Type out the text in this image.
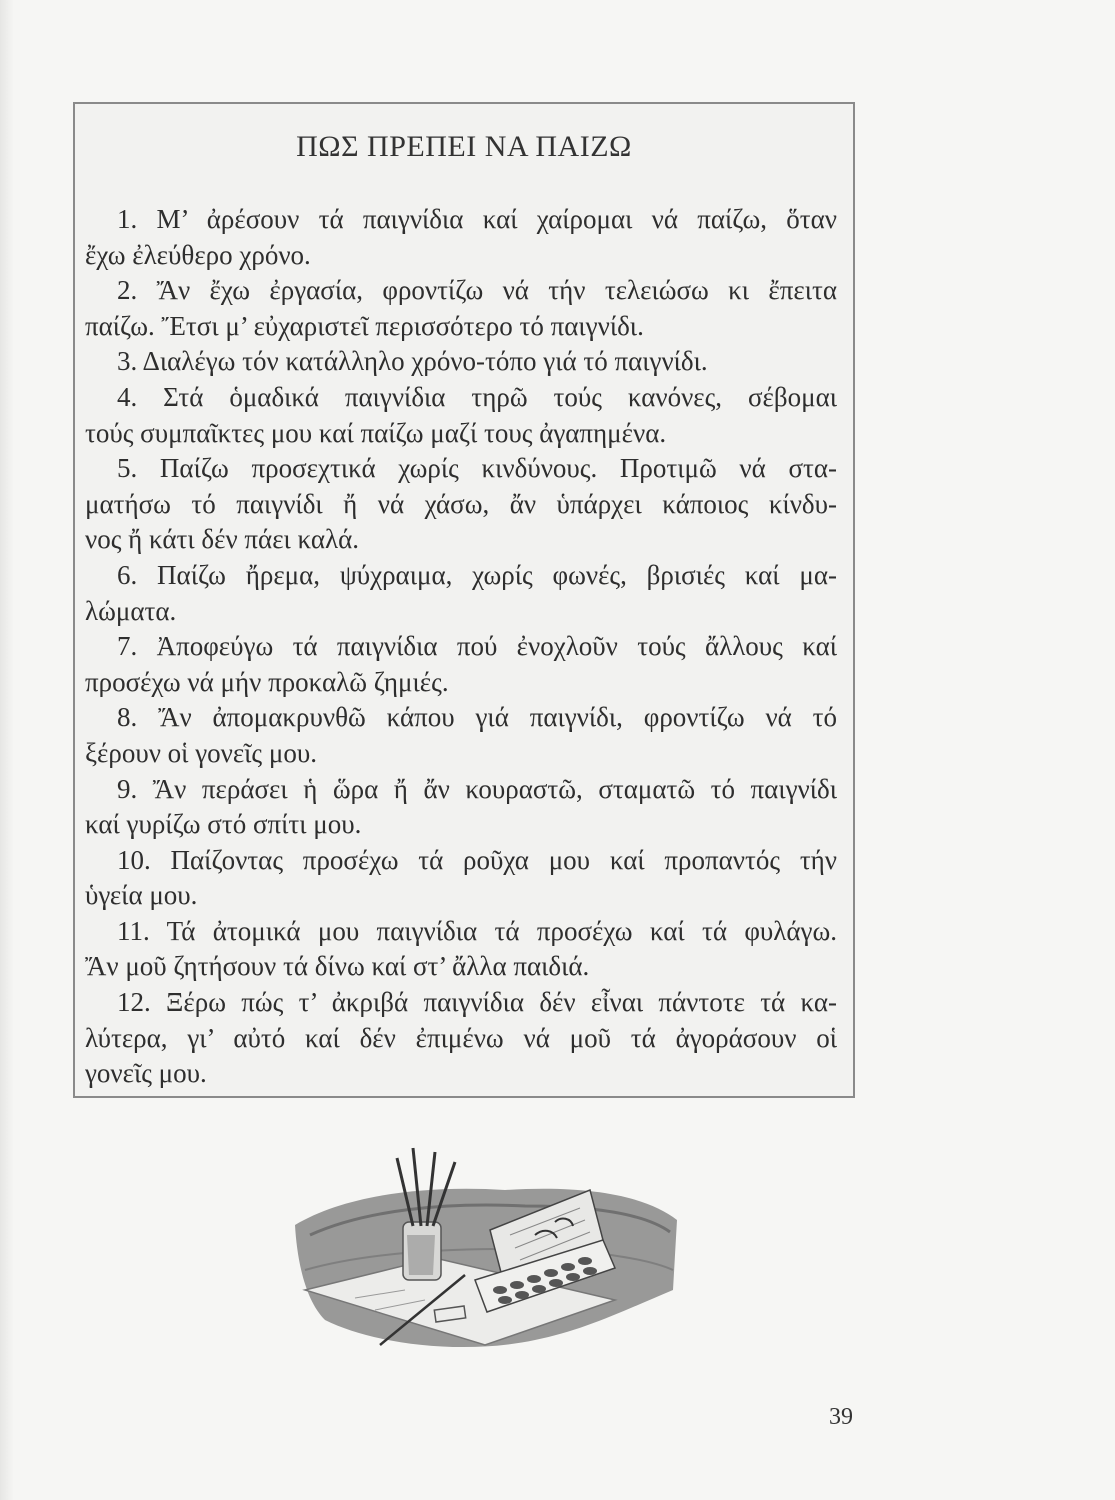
ΠΩΣ ΠΡΕΠΕΙ ΝΑ ΠΑΙΖΩ
1. Μ’ ἀρέσουν τά παιγνίδια καί χαίρομαι νά παίζω, ὅταν
ἔχω ἐλεύθερο χρόνο.
2. Ἄν ἔχω ἐργασία, φροντίζω νά τήν τελειώσω κι ἔπειτα
παίζω. Ἔτσι μ’ εὐχαριστεῖ περισσότερο τό παιγνίδι.
3. Διαλέγω τόν κατάλληλο χρόνο-τόπο γιά τό παιγνίδι.
4. Στά ὁμαδικά παιγνίδια τηρῶ τούς κανόνες, σέβομαι
τούς συμπαῖκτες μου καί παίζω μαζί τους ἀγαπημένα.
5. Παίζω προσεχτικά χωρίς κινδύνους. Προτιμῶ νά στα-
ματήσω τό παιγνίδι ἤ νά χάσω, ἄν ὑπάρχει κάποιος κίνδυ-
νος ἤ κάτι δέν πάει καλά.
6. Παίζω ἤρεμα, ψύχραιμα, χωρίς φωνές, βρισιές καί μα-
λώματα.
7. Ἀποφεύγω τά παιγνίδια πού ἐνοχλοῦν τούς ἄλλους καί
προσέχω νά μήν προκαλῶ ζημιές.
8. Ἄν ἀπομακρυνθῶ κάπου γιά παιγνίδι, φροντίζω νά τό
ξέρουν οἱ γονεῖς μου.
9. Ἄν περάσει ἡ ὥρα ἤ ἄν κουραστῶ, σταματῶ τό παιγνίδι
καί γυρίζω στό σπίτι μου.
10. Παίζοντας προσέχω τά ροῦχα μου καί προπαντός τήν
ὑγεία μου.
11. Τά ἀτομικά μου παιγνίδια τά προσέχω καί τά φυλάγω.
Ἄν μοῦ ζητήσουν τά δίνω καί στ’ ἄλλα παιδιά.
12. Ξέρω πώς τ’ ἀκριβά παιγνίδια δέν εἶναι πάντοτε τά κα-
λύτερα, γι’ αὐτό καί δέν ἐπιμένω νά μοῦ τά ἀγοράσουν οἱ
γονεῖς μου.
39
